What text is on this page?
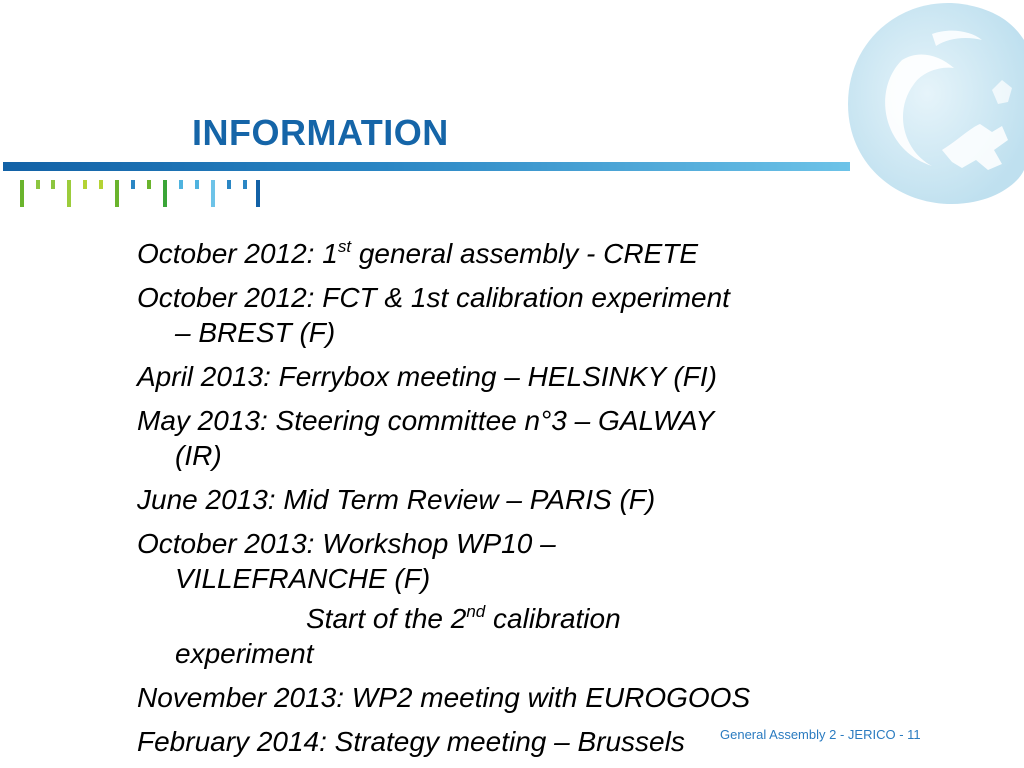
INFORMATION
October 2012: 1st general assembly - CRETE
October 2012: FCT & 1st calibration experiment
– BREST (F)
April 2013: Ferrybox meeting – HELSINKY (FI)
May 2013: Steering committee n°3 – GALWAY
(IR)
June 2013: Mid Term Review – PARIS (F)
October 2013: Workshop WP10 –
VILLEFRANCHE (F)
Start of the 2nd calibration
experiment
November 2013: WP2 meeting with EUROGOOS
February 2014: Strategy meeting – Brussels	General Assembly 2 - JERICO - 11
